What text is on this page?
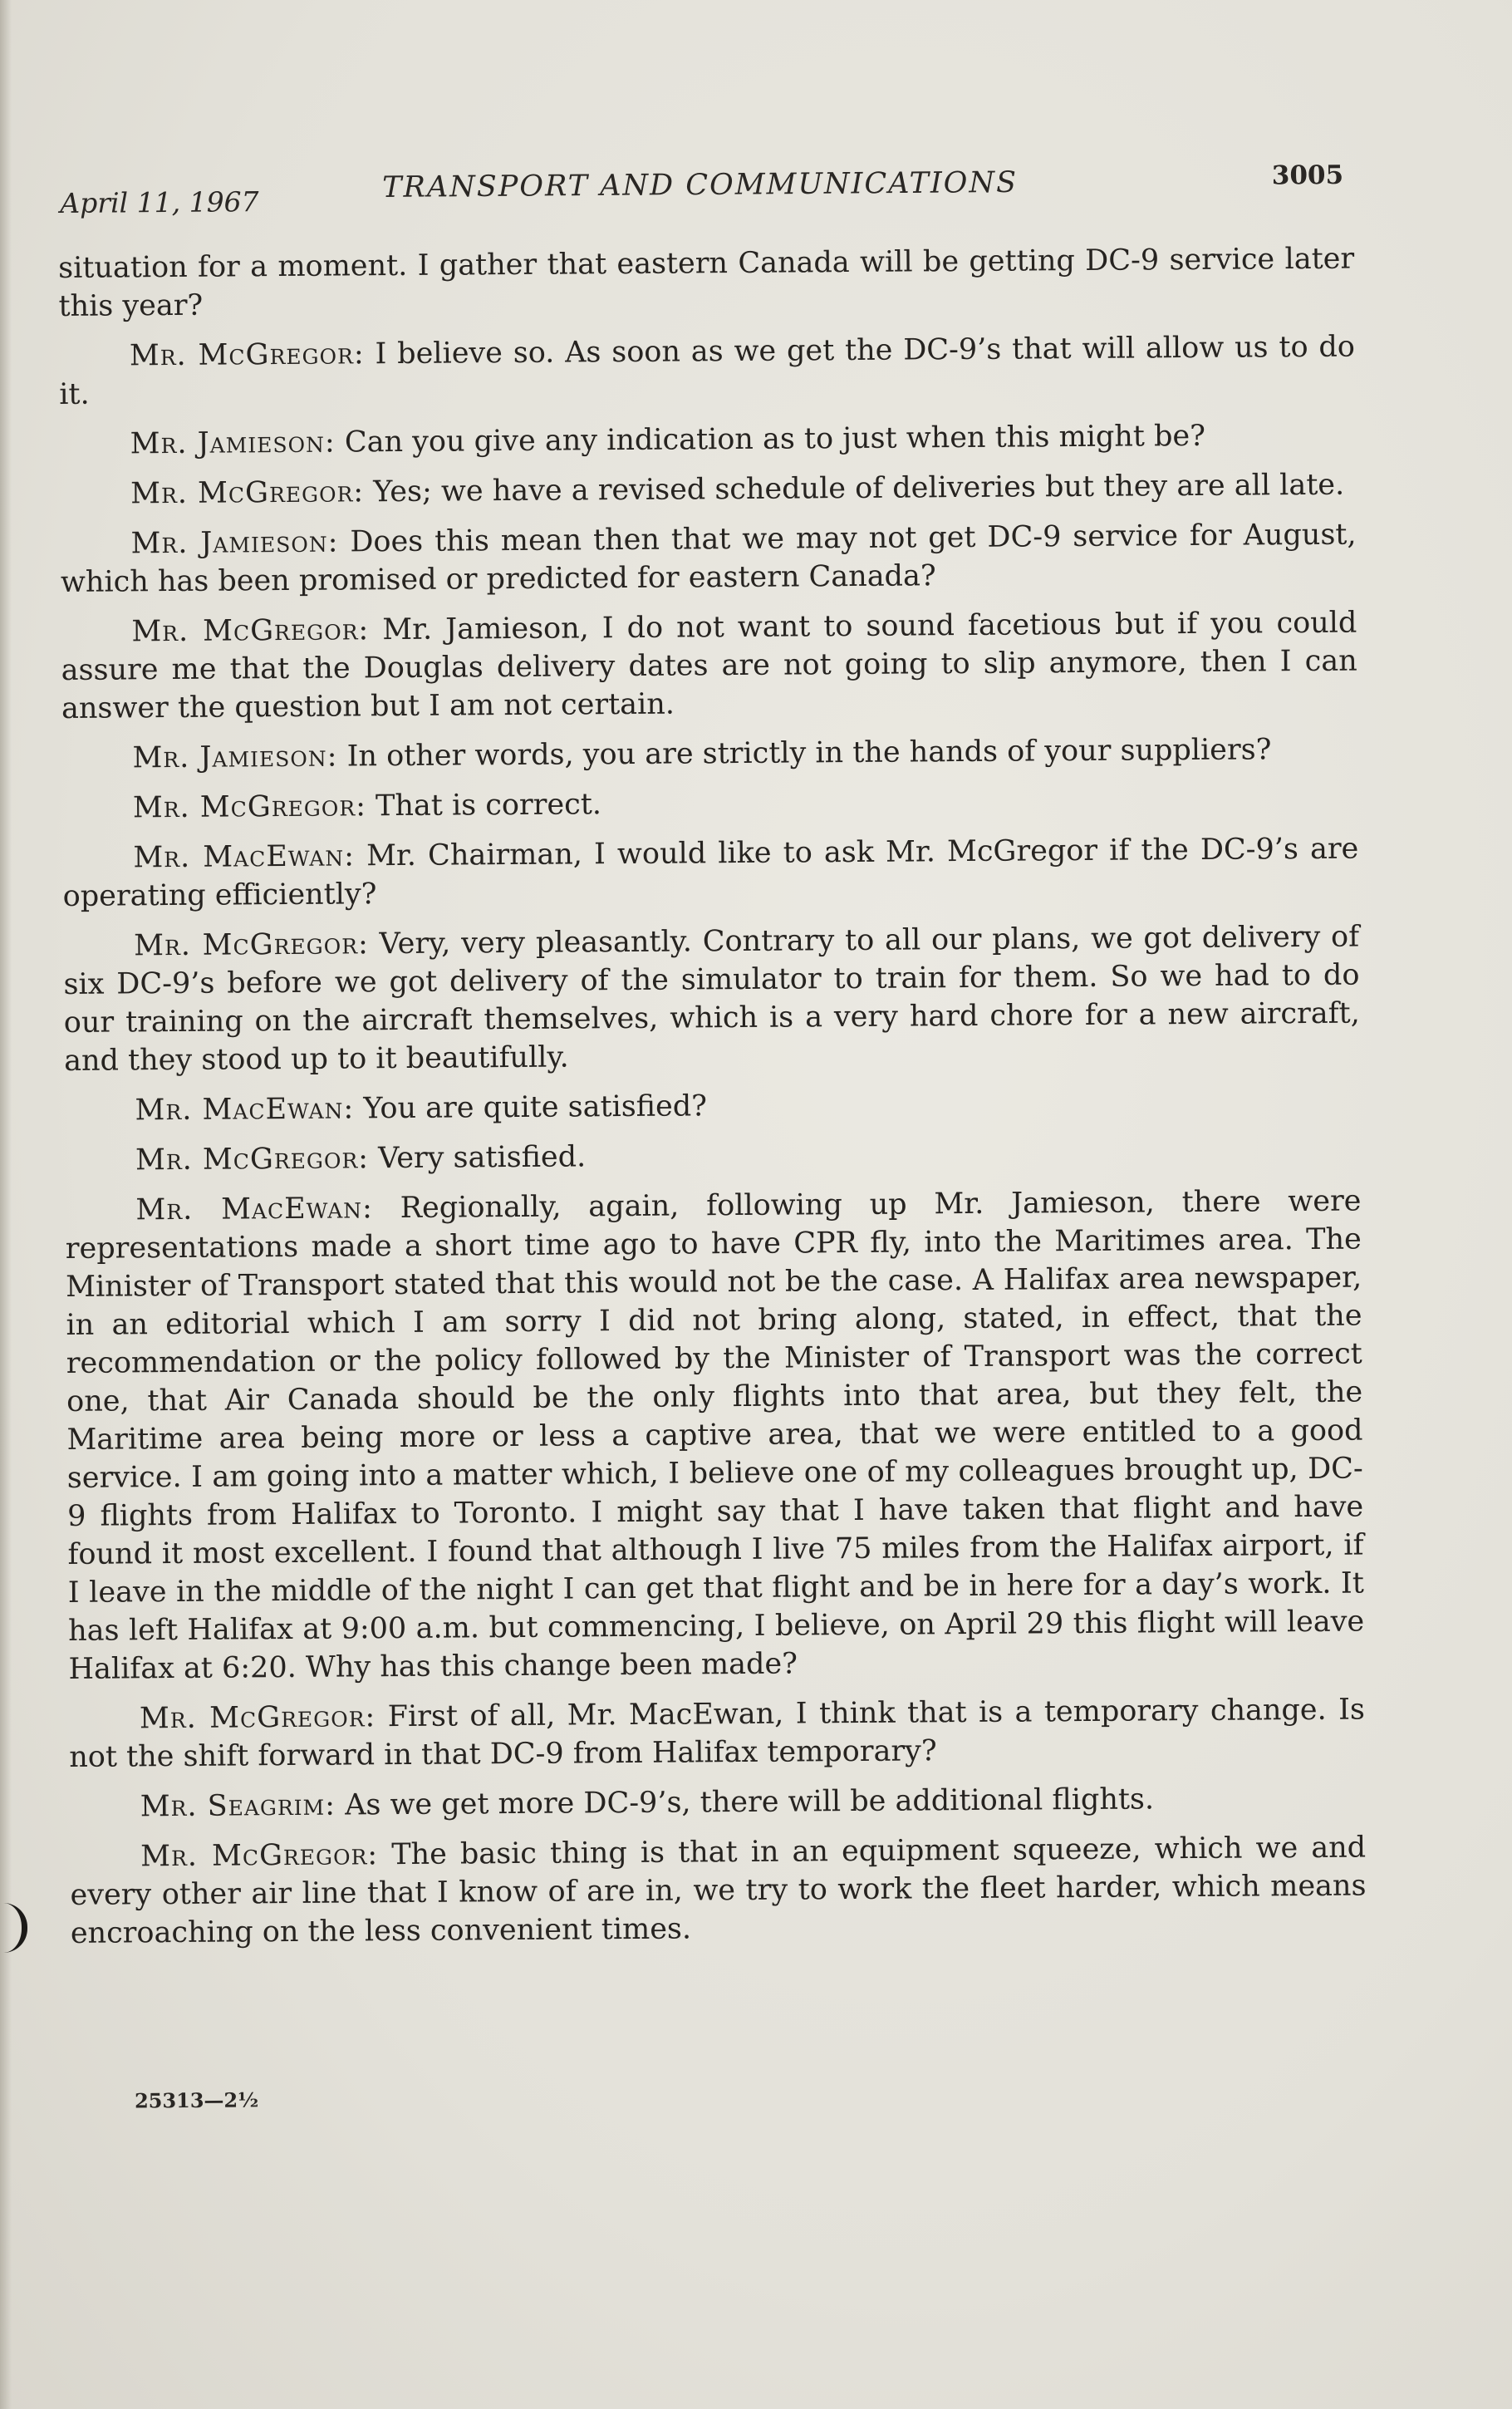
April 11, 1967	TRANSPORT AND COMMUNICATIONS	3005

situation for a moment. I gather that eastern Canada will be getting DC-9 service later this year?

Mr. McGregor: I believe so. As soon as we get the DC-9’s that will allow us to do it.

Mr. Jamieson: Can you give any indication as to just when this might be?

Mr. McGregor: Yes; we have a revised schedule of deliveries but they are all late.

Mr. Jamieson: Does this mean then that we may not get DC-9 service for August, which has been promised or predicted for eastern Canada?

Mr. McGregor: Mr. Jamieson, I do not want to sound facetious but if you could assure me that the Douglas delivery dates are not going to slip anymore, then I can answer the question but I am not certain.

Mr. Jamieson: In other words, you are strictly in the hands of your suppliers?

Mr. McGregor: That is correct.

Mr. MacEwan: Mr. Chairman, I would like to ask Mr. McGregor if the DC-9’s are operating efficiently?

Mr. McGregor: Very, very pleasantly. Contrary to all our plans, we got delivery of six DC-9’s before we got delivery of the simulator to train for them. So we had to do our training on the aircraft themselves, which is a very hard chore for a new aircraft, and they stood up to it beautifully.

Mr. MacEwan: You are quite satisfied?

Mr. McGregor: Very satisfied.

Mr. MacEwan: Regionally, again, following up Mr. Jamieson, there were representations made a short time ago to have CPR fly, into the Maritimes area. The Minister of Transport stated that this would not be the case. A Halifax area newspaper, in an editorial which I am sorry I did not bring along, stated, in effect, that the recommendation or the policy followed by the Minister of Transport was the correct one, that Air Canada should be the only flights into that area, but they felt, the Maritime area being more or less a captive area, that we were entitled to a good service. I am going into a matter which, I believe one of my colleagues brought up, DC-9 flights from Halifax to Toronto. I might say that I have taken that flight and have found it most excellent. I found that although I live 75 miles from the Halifax airport, if I leave in the middle of the night I can get that flight and be in here for a day’s work. It has left Halifax at 9:00 a.m. but commencing, I believe, on April 29 this flight will leave Halifax at 6:20. Why has this change been made?

Mr. McGregor: First of all, Mr. MacEwan, I think that is a temporary change. Is not the shift forward in that DC-9 from Halifax temporary?

Mr. Seagrim: As we get more DC-9’s, there will be additional flights.

Mr. McGregor: The basic thing is that in an equipment squeeze, which we and every other air line that I know of are in, we try to work the fleet harder, which means encroaching on the less convenient times.

25313—2½
